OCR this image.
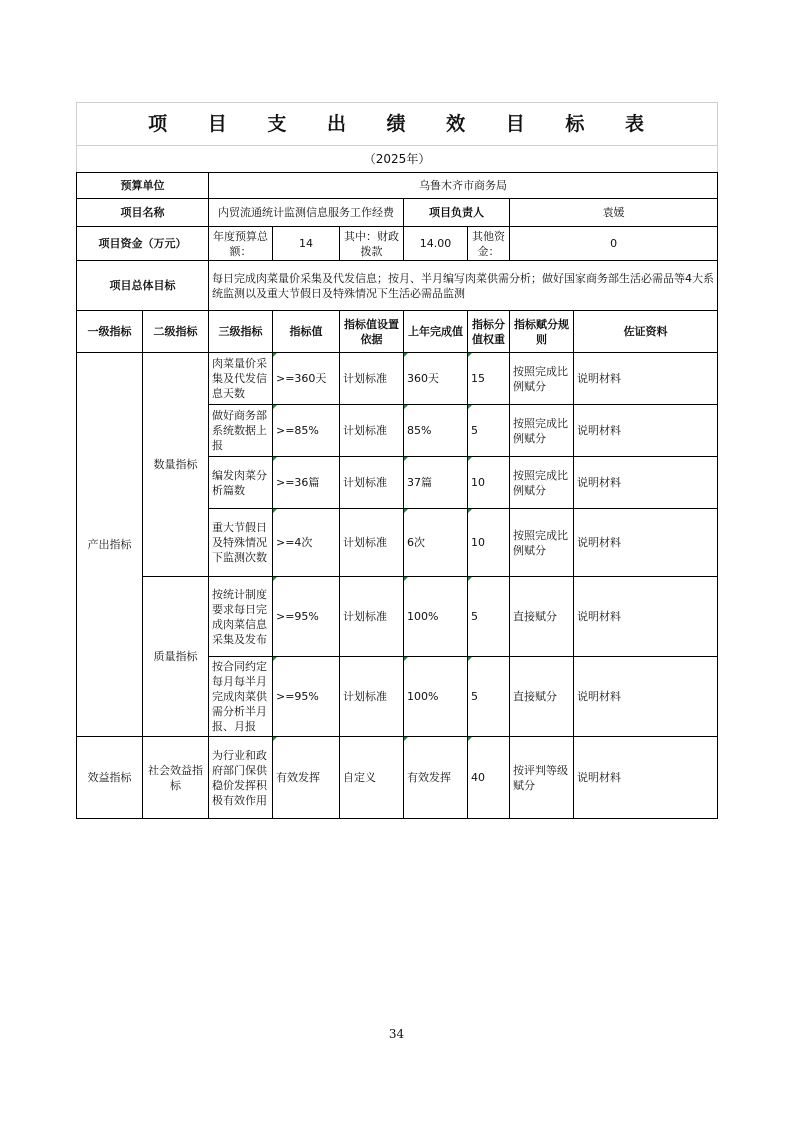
项 目 支 出 绩 效 目 标 表								
（2025年）								
预算单位		乌鲁木齐市商务局						
项目名称		内贸流通统计监测信息服务工作经费			项目负责人		袁媛	
项目资金（万元）		年度预算总额：	14	其中：财政拨款	14.00	其他资金：	0	
项目总体目标		每日完成肉菜量价采集及代发信息；按月、半月编写肉菜供需分析；做好国家商务部生活必需品等4大系统监测以及重大节假日及特殊情况下生活必需品监测						
一级指标	二级指标	三级指标	指标值	指标值设置依据	上年完成值	指标分值权重	指标赋分规则	佐证资料
产出指标	数量指标	肉菜量价采集及代发信息天数	>=360天	计划标准	360天	15	按照完成比例赋分	说明材料
		做好商务部系统数据上报	>=85%	计划标准	85%	5	按照完成比例赋分	说明材料
		编发肉菜分析篇数	>=36篇	计划标准	37篇	10	按照完成比例赋分	说明材料
		重大节假日及特殊情况下监测次数	>=4次	计划标准	6次	10	按照完成比例赋分	说明材料
	质量指标	按统计制度要求每日完成肉菜信息采集及发布	>=95%	计划标准	100%	5	直接赋分	说明材料
		按合同约定每月每半月完成肉菜供需分析半月报、月报	>=95%	计划标准	100%	5	直接赋分	说明材料
效益指标	社会效益指标	为行业和政府部门保供稳价发挥积极有效作用	有效发挥	自定义	有效发挥	40	按评判等级赋分	说明材料
34
